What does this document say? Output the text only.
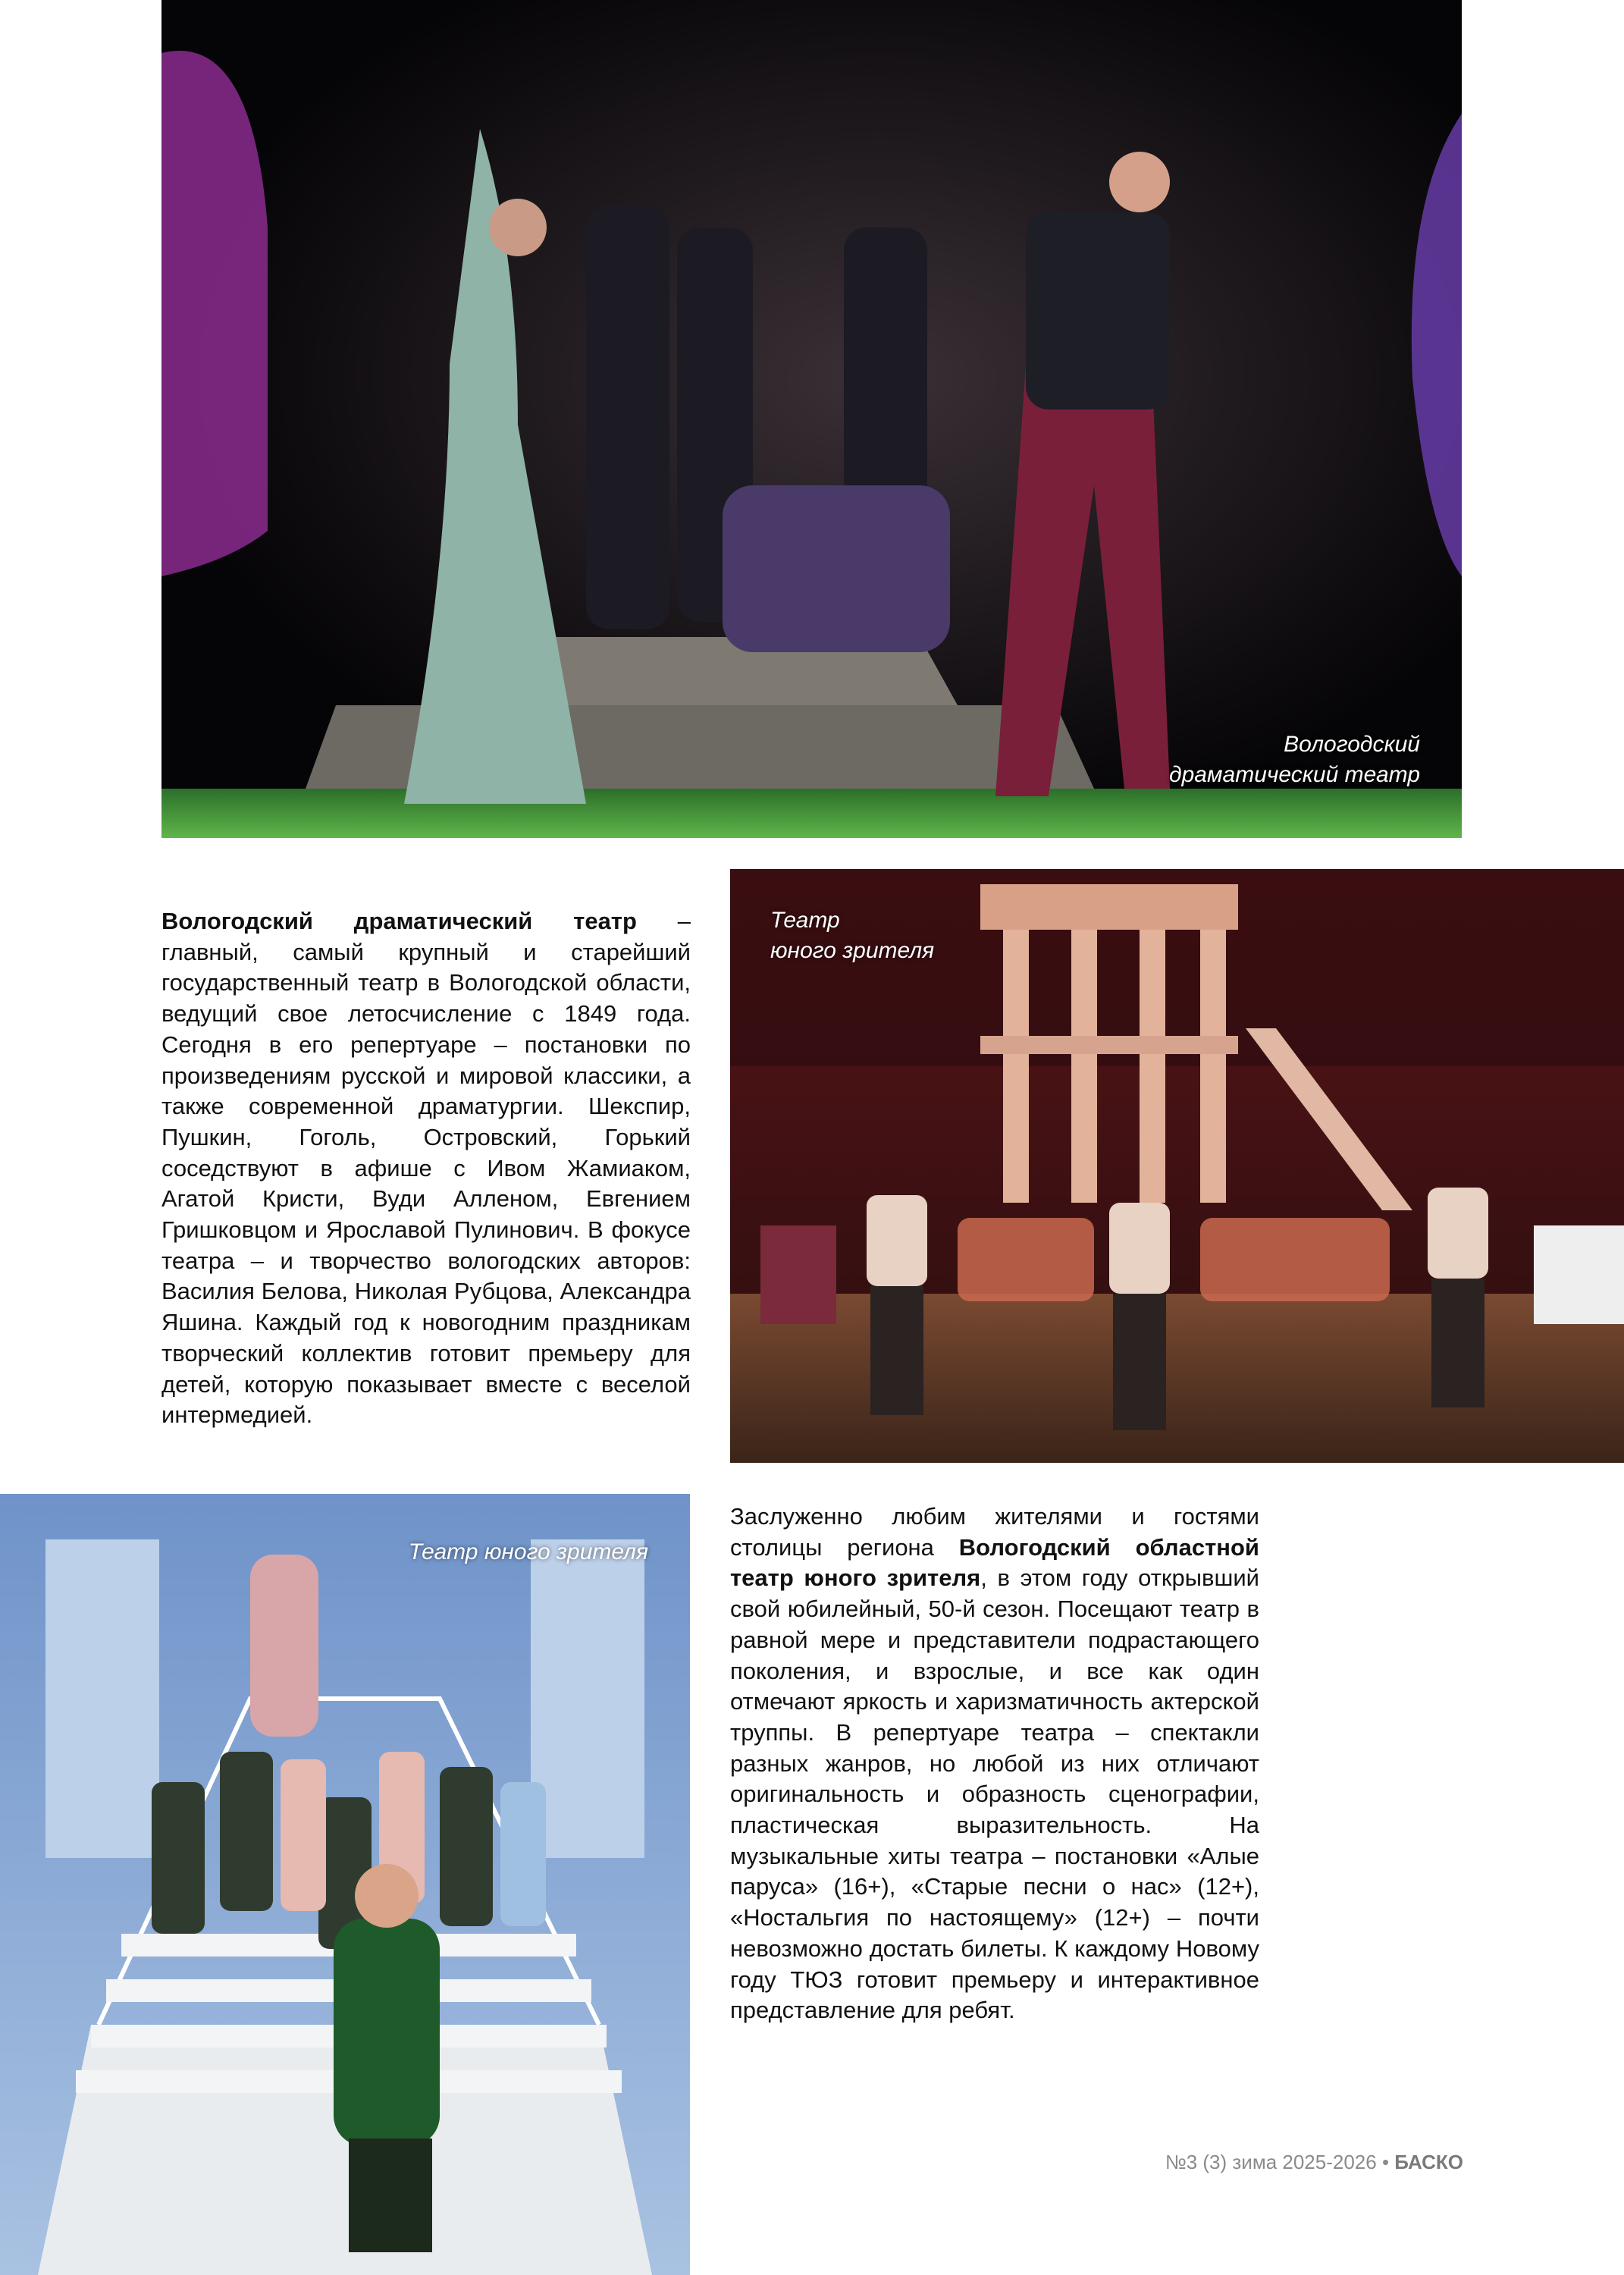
Вологодский
драматический театр

Вологодский драматический театр – главный, самый крупный и старейший государственный театр в Вологодской области, ведущий свое летосчисление с 1849 года. Сегодня в его репертуаре – постановки по произведениям русской и мировой классики, а также современной драматургии. Шекспир, Пушкин, Гоголь, Островский, Горький соседствуют в афише с Ивом Жамиаком, Агатой Кристи, Вуди Алленом, Евгением Гришковцом и Ярославой Пулинович. В фокусе театра – и творчество вологодских авторов: Василия Белова, Николая Рубцова, Александра Яшина. Каждый год к новогодним праздникам творческий коллектив готовит премьеру для детей, которую показывает вместе с веселой интермедией.

Театр
юного зрителя
Театр юного зрителя

Заслуженно любим жителями и гостями столицы региона Вологодский областной театр юного зрителя, в этом году открывший свой юбилейный, 50-й сезон. Посещают театр в равной мере и представители подрастающего поколения, и взрослые, и все как один отмечают яркость и харизматичность актерской труппы. В репертуаре театра – спектакли разных жанров, но любой из них отличают оригинальность и образность сценографии, пластическая выразительность. На музыкальные хиты театра – постановки «Алые паруса» (16+), «Старые песни о нас» (12+), «Ностальгия по настоящему» (12+) – почти невозможно достать билеты. К каждому Новому году ТЮЗ готовит премьеру и интерактивное представление для ребят.

№3 (3) зима 2025-2026 • БАСКО
